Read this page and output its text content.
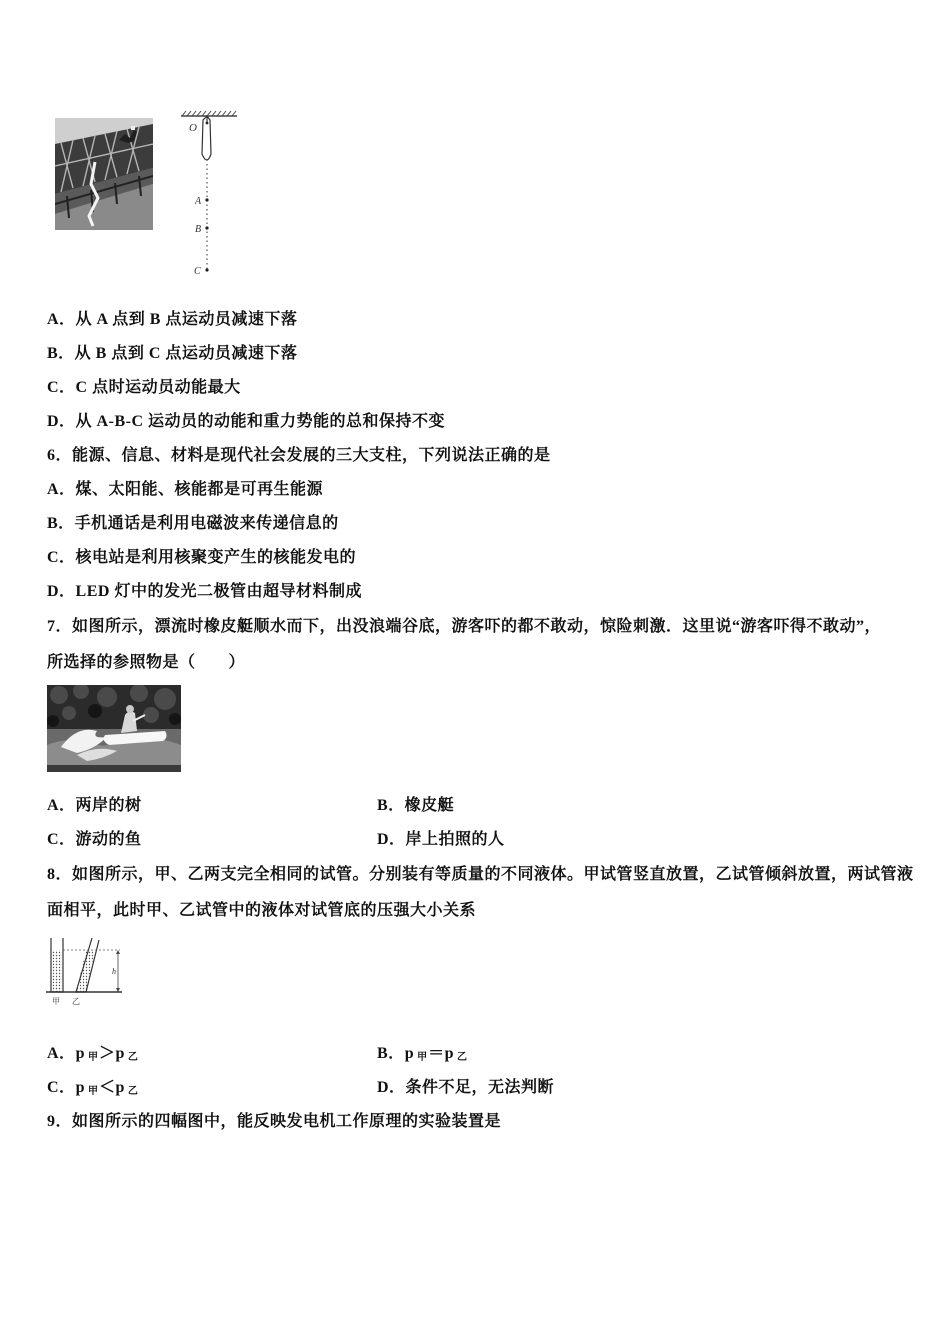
O
A
B
C
A．从 A 点到 B 点运动员减速下落
B．从 B 点到 C 点运动员减速下落
C．C 点时运动员动能最大
D．从 A-B-C 运动员的动能和重力势能的总和保持不变
6．能源、信息、材料是现代社会发展的三大支柱，下列说法正确的是
A．煤、太阳能、核能都是可再生能源
B．手机通话是利用电磁波来传递信息的
C．核电站是利用核聚变产生的核能发电的
D．LED 灯中的发光二极管由超导材料制成
7．如图所示，漂流时橡皮艇顺水而下，出没浪端谷底，游客吓的都不敢动，惊险刺激．这里说“游客吓得不敢动”，
所选择的参照物是（　　）
A．两岸的树	B．橡皮艇
C．游动的鱼	D．岸上拍照的人
8．如图所示，甲、乙两支完全相同的试管。分别装有等质量的不同液体。甲试管竖直放置，乙试管倾斜放置，两试管液
面相平，此时甲、乙试管中的液体对试管底的压强大小关系
h
甲 乙
A．p $_甲$＞p $_乙$	B．p $_甲$＝p $_乙$
C．p $_甲$＜p $_乙$	D．条件不足，无法判断
9．如图所示的四幅图中，能反映发电机工作原理的实验装置是
